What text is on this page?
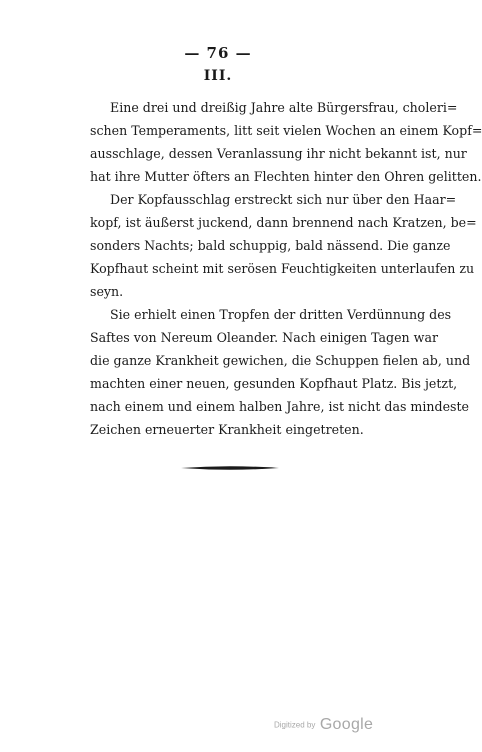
— 76 —
III.
Eine drei und dreißig Jahre alte Bürgersfrau, choleri=
schen Temperaments, litt seit vielen Wochen an einem Kopf=
ausschlage, dessen Veranlassung ihr nicht bekannt ist, nur
hat ihre Mutter öfters an Flechten hinter den Ohren gelitten.
Der Kopfausschlag erstreckt sich nur über den Haar=
kopf, ist äußerst juckend, dann brennend nach Kratzen, be=
sonders Nachts; bald schuppig, bald nässend. Die ganze
Kopfhaut scheint mit serösen Feuchtigkeiten unterlaufen zu
seyn.
Sie erhielt einen Tropfen der dritten Verdünnung des
Saftes von Nereum Oleander. Nach einigen Tagen war
die ganze Krankheit gewichen, die Schuppen fielen ab, und
machten einer neuen, gesunden Kopfhaut Platz. Bis jetzt,
nach einem und einem halben Jahre, ist nicht das mindeste
Zeichen erneuerter Krankheit eingetreten.
Digitized by Google
